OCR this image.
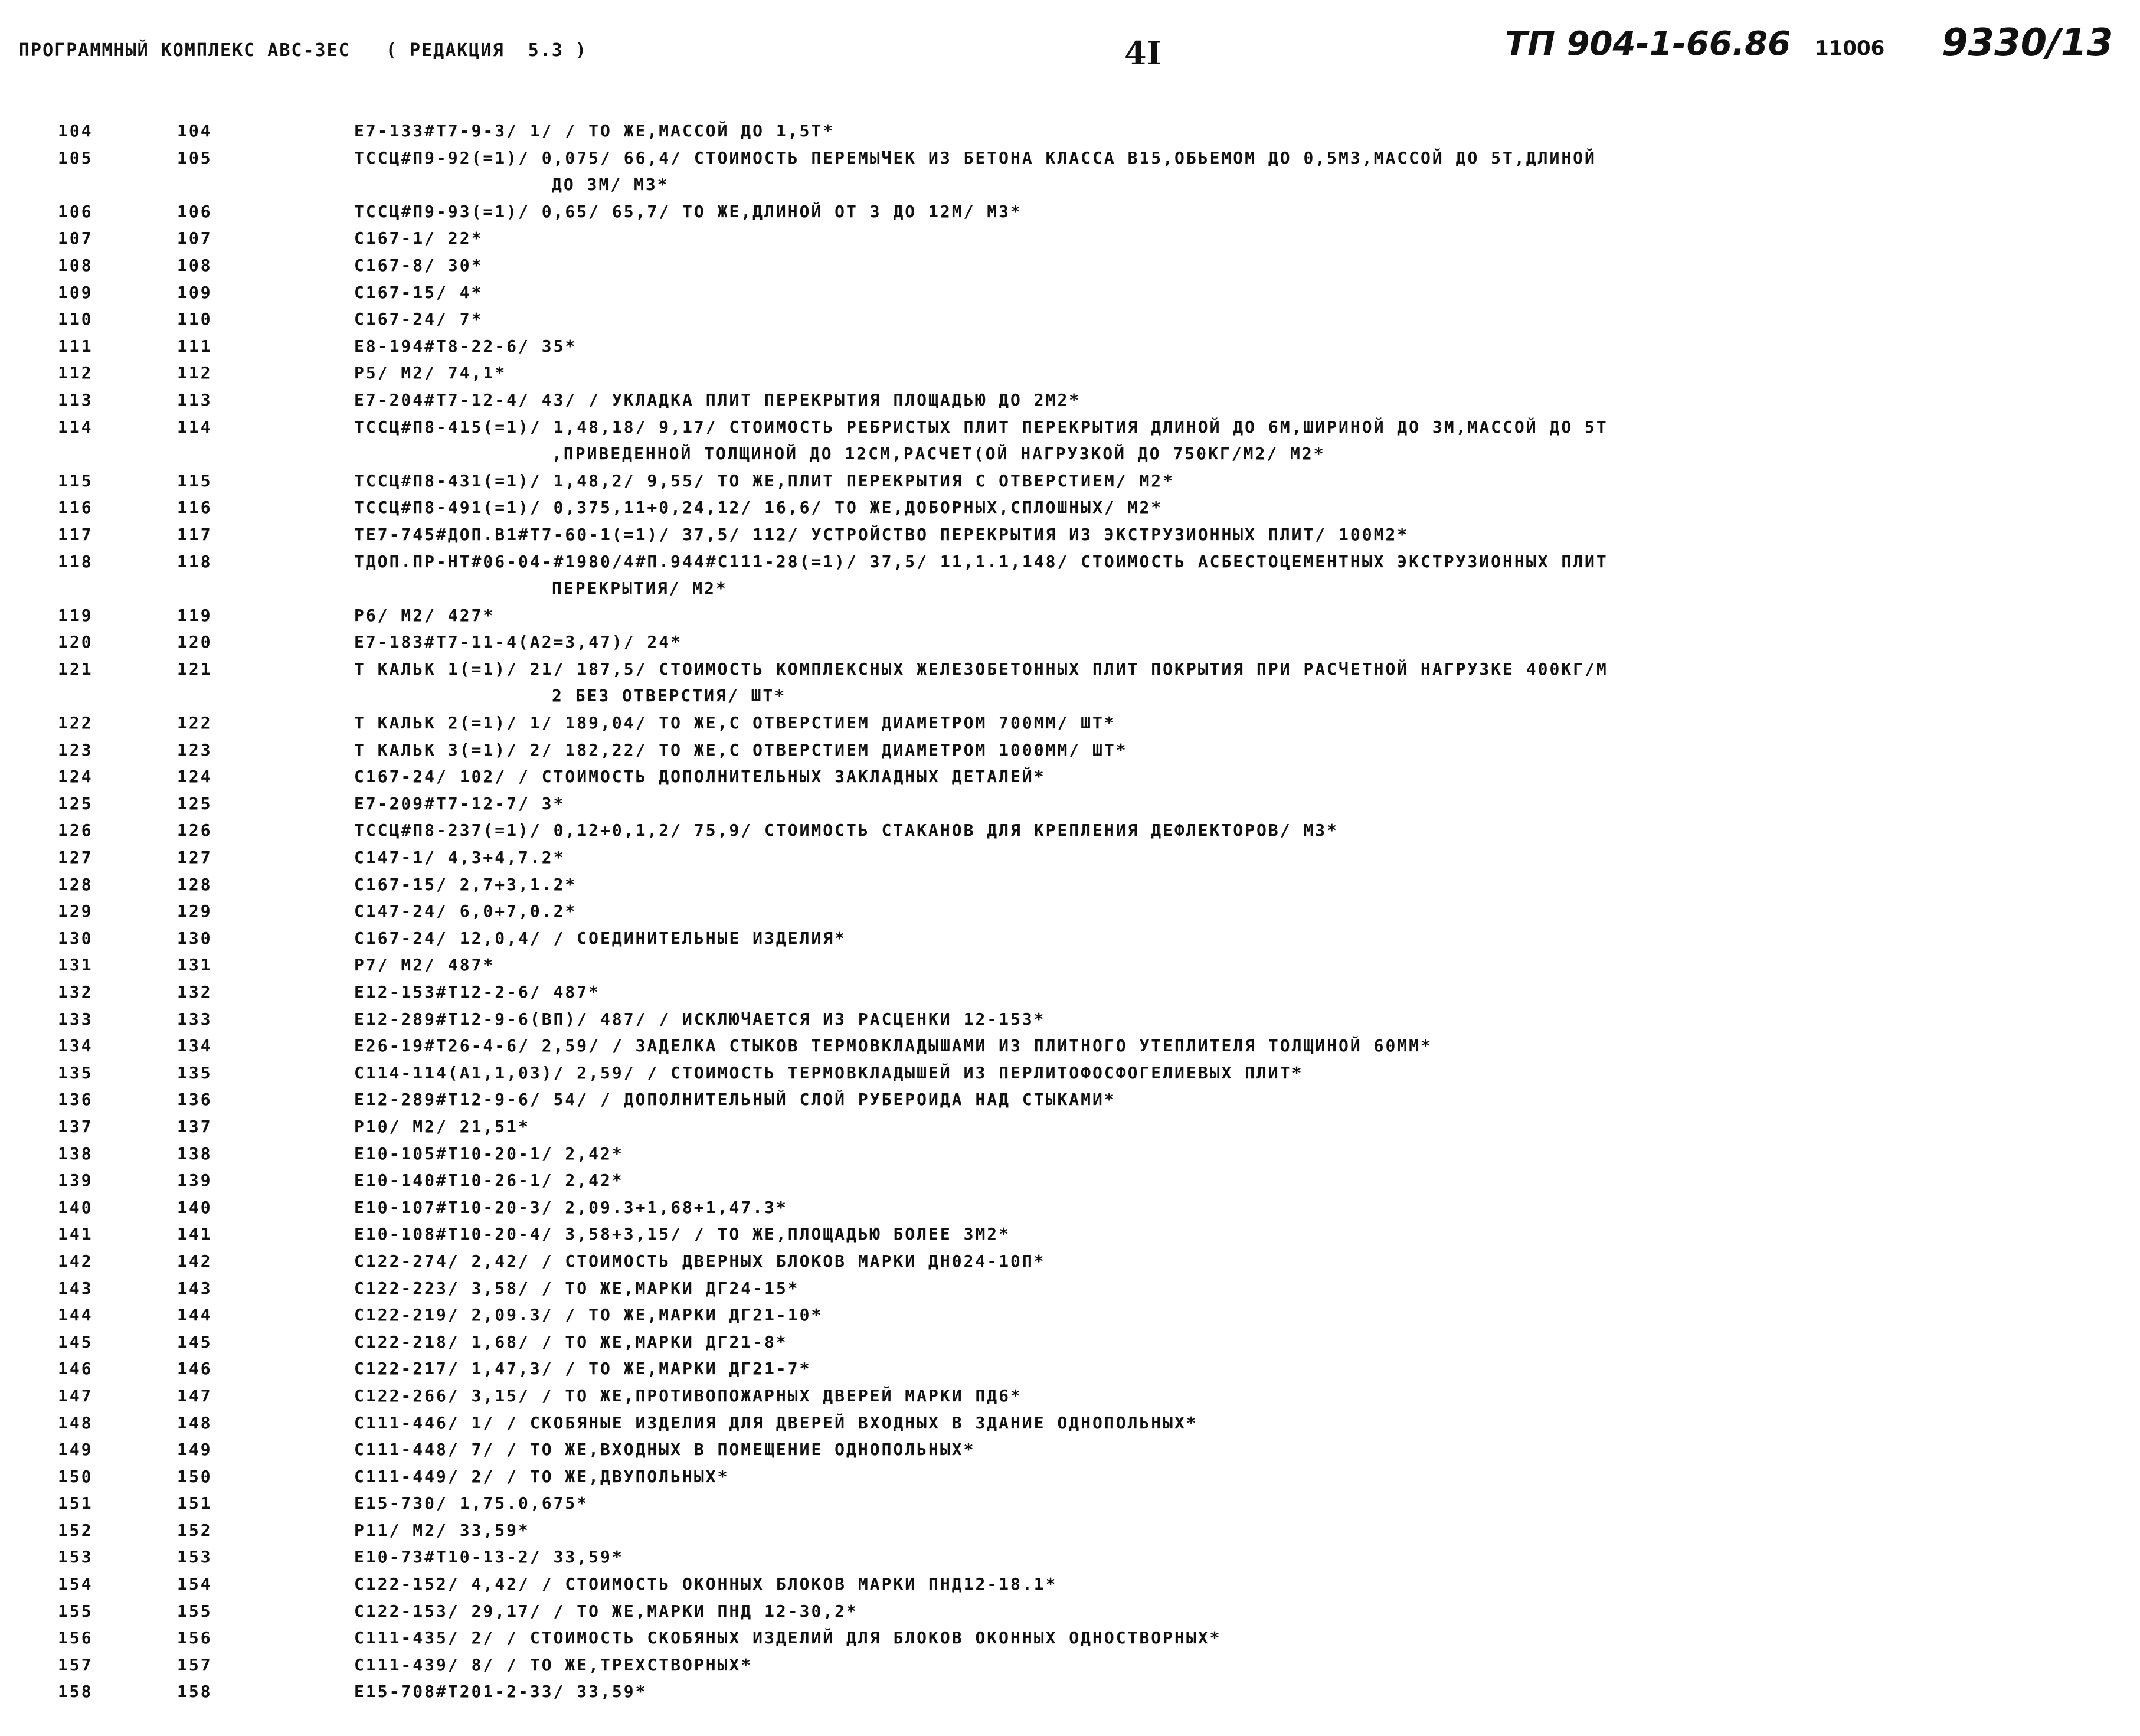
ПРОГРАММНЫЙ КОМПЛЕКС АВС-ЗЕС   ( РЕДАКЦИЯ  5.3 )	4I	ТП 904-1-66.86 11006 9330/13
104	104	E7-133#T7-9-3/ 1/ / ТО ЖЕ,МАССОЙ ДО 1,5Т*
105	105	ТССЦ#П9-92(=1)/ 0,075/ 66,4/ СТОИМОСТЬ ПЕРЕМЫЧЕК ИЗ БЕТОНА КЛАССА В15,ОБЬЕМОМ ДО 0,5М3,МАССОЙ ДО 5Т,ДЛИНОЙ
ДО 3М/ М3*
106	106	ТССЦ#П9-93(=1)/ 0,65/ 65,7/ ТО ЖЕ,ДЛИНОЙ ОТ 3 ДО 12М/ М3*
107	107	С167-1/ 22*
108	108	С167-8/ 30*
109	109	С167-15/ 4*
110	110	С167-24/ 7*
111	111	E8-194#T8-22-6/ 35*
112	112	Р5/ М2/ 74,1*
113	113	E7-204#T7-12-4/ 43/ / УКЛАДКА ПЛИТ ПЕРЕКРЫТИЯ ПЛОЩАДЬЮ ДО 2М2*
114	114	ТССЦ#П8-415(=1)/ 1,48,18/ 9,17/ СТОИМОСТЬ РЕБРИСТЫХ ПЛИТ ПЕРЕКРЫТИЯ ДЛИНОЙ ДО 6М,ШИРИНОЙ ДО 3М,МАССОЙ ДО 5Т
,ПРИВЕДЕННОЙ ТОЛЩИНОЙ ДО 12СМ,РАСЧЕТ(ОЙ НАГРУЗКОЙ ДО 750КГ/М2/ М2*
115	115	ТССЦ#П8-431(=1)/ 1,48,2/ 9,55/ ТО ЖЕ,ПЛИТ ПЕРЕКРЫТИЯ С ОТВЕРСТИЕМ/ М2*
116	116	ТССЦ#П8-491(=1)/ 0,375,11+0,24,12/ 16,6/ ТО ЖЕ,ДОБОРНЫХ,СПЛОШНЫХ/ М2*
117	117	TE7-745#ДОП.В1#Т7-60-1(=1)/ 37,5/ 112/ УСТРОЙСТВО ПЕРЕКРЫТИЯ ИЗ ЭКСТРУЗИОННЫХ ПЛИТ/ 100М2*
118	118	ТДОП.ПР-НТ#06-04-#1980/4#П.944#С111-28(=1)/ 37,5/ 11,1.1,148/ СТОИМОСТЬ АСБЕСТОЦЕМЕНТНЫХ ЭКСТРУЗИОННЫХ ПЛИТ
ПЕРЕКРЫТИЯ/ М2*
119	119	Р6/ М2/ 427*
120	120	E7-183#T7-11-4(A2=3,47)/ 24*
121	121	Т КАЛЬК 1(=1)/ 21/ 187,5/ СТОИМОСТЬ КОМПЛЕКСНЫХ ЖЕЛЕЗОБЕТОННЫХ ПЛИТ ПОКРЫТИЯ ПРИ РАСЧЕТНОЙ НАГРУЗКЕ 400КГ/М
2 БЕЗ ОТВЕРСТИЯ/ ШТ*
122	122	Т КАЛЬК 2(=1)/ 1/ 189,04/ ТО ЖЕ,С ОТВЕРСТИЕМ ДИАМЕТРОМ 700ММ/ ШТ*
123	123	Т КАЛЬК 3(=1)/ 2/ 182,22/ ТО ЖЕ,С ОТВЕРСТИЕМ ДИАМЕТРОМ 1000ММ/ ШТ*
124	124	С167-24/ 102/ / СТОИМОСТЬ ДОПОЛНИТЕЛЬНЫХ ЗАКЛАДНЫХ ДЕТАЛЕЙ*
125	125	E7-209#T7-12-7/ 3*
126	126	ТССЦ#П8-237(=1)/ 0,12+0,1,2/ 75,9/ СТОИМОСТЬ СТАКАНОВ ДЛЯ КРЕПЛЕНИЯ ДЕФЛЕКТОРОВ/ М3*
127	127	С147-1/ 4,3+4,7.2*
128	128	С167-15/ 2,7+3,1.2*
129	129	С147-24/ 6,0+7,0.2*
130	130	С167-24/ 12,0,4/ / СОЕДИНИТЕЛЬНЫЕ ИЗДЕЛИЯ*
131	131	Р7/ М2/ 487*
132	132	E12-153#T12-2-6/ 487*
133	133	E12-289#T12-9-6(ВП)/ 487/ / ИСКЛЮЧАЕТСЯ ИЗ РАСЦЕНКИ 12-153*
134	134	E26-19#T26-4-6/ 2,59/ / ЗАДЕЛКА СТЫКОВ ТЕРМОВКЛАДЫШАМИ ИЗ ПЛИТНОГО УТЕПЛИТЕЛЯ ТОЛЩИНОЙ 60ММ*
135	135	С114-114(A1,1,03)/ 2,59/ / СТОИМОСТЬ ТЕРМОВКЛАДЫШЕЙ ИЗ ПЕРЛИТОФОСФОГЕЛИЕВЫХ ПЛИТ*
136	136	E12-289#T12-9-6/ 54/ / ДОПОЛНИТЕЛЬНЫЙ СЛОЙ РУБЕРОИДА НАД СТЫКАМИ*
137	137	Р10/ М2/ 21,51*
138	138	E10-105#T10-20-1/ 2,42*
139	139	E10-140#T10-26-1/ 2,42*
140	140	E10-107#T10-20-3/ 2,09.3+1,68+1,47.3*
141	141	E10-108#T10-20-4/ 3,58+3,15/ / ТО ЖЕ,ПЛОЩАДЬЮ БОЛЕЕ 3М2*
142	142	С122-274/ 2,42/ / СТОИМОСТЬ ДВЕРНЫХ БЛОКОВ МАРКИ ДН024-10П*
143	143	С122-223/ 3,58/ / ТО ЖЕ,МАРКИ ДГ24-15*
144	144	С122-219/ 2,09.3/ / ТО ЖЕ,МАРКИ ДГ21-10*
145	145	С122-218/ 1,68/ / ТО ЖЕ,МАРКИ ДГ21-8*
146	146	С122-217/ 1,47,3/ / ТО ЖЕ,МАРКИ ДГ21-7*
147	147	С122-266/ 3,15/ / ТО ЖЕ,ПРОТИВОПОЖАРНЫХ ДВЕРЕЙ МАРКИ ПД6*
148	148	С111-446/ 1/ / СКОБЯНЫЕ ИЗДЕЛИЯ ДЛЯ ДВЕРЕЙ ВХОДНЫХ В ЗДАНИЕ ОДНОПОЛЬНЫХ*
149	149	С111-448/ 7/ / ТО ЖЕ,ВХОДНЫХ В ПОМЕЩЕНИЕ ОДНОПОЛЬНЫХ*
150	150	С111-449/ 2/ / ТО ЖЕ,ДВУПОЛЬНЫХ*
151	151	E15-730/ 1,75.0,675*
152	152	Р11/ М2/ 33,59*
153	153	E10-73#T10-13-2/ 33,59*
154	154	С122-152/ 4,42/ / СТОИМОСТЬ ОКОННЫХ БЛОКОВ МАРКИ ПНД12-18.1*
155	155	С122-153/ 29,17/ / ТО ЖЕ,МАРКИ ПНД 12-30,2*
156	156	С111-435/ 2/ / СТОИМОСТЬ СКОБЯНЫХ ИЗДЕЛИЙ ДЛЯ БЛОКОВ ОКОННЫХ ОДНОСТВОРНЫХ*
157	157	С111-439/ 8/ / ТО ЖЕ,ТРЕХСТВОРНЫХ*
158	158	E15-708#T201-2-33/ 33,59*
